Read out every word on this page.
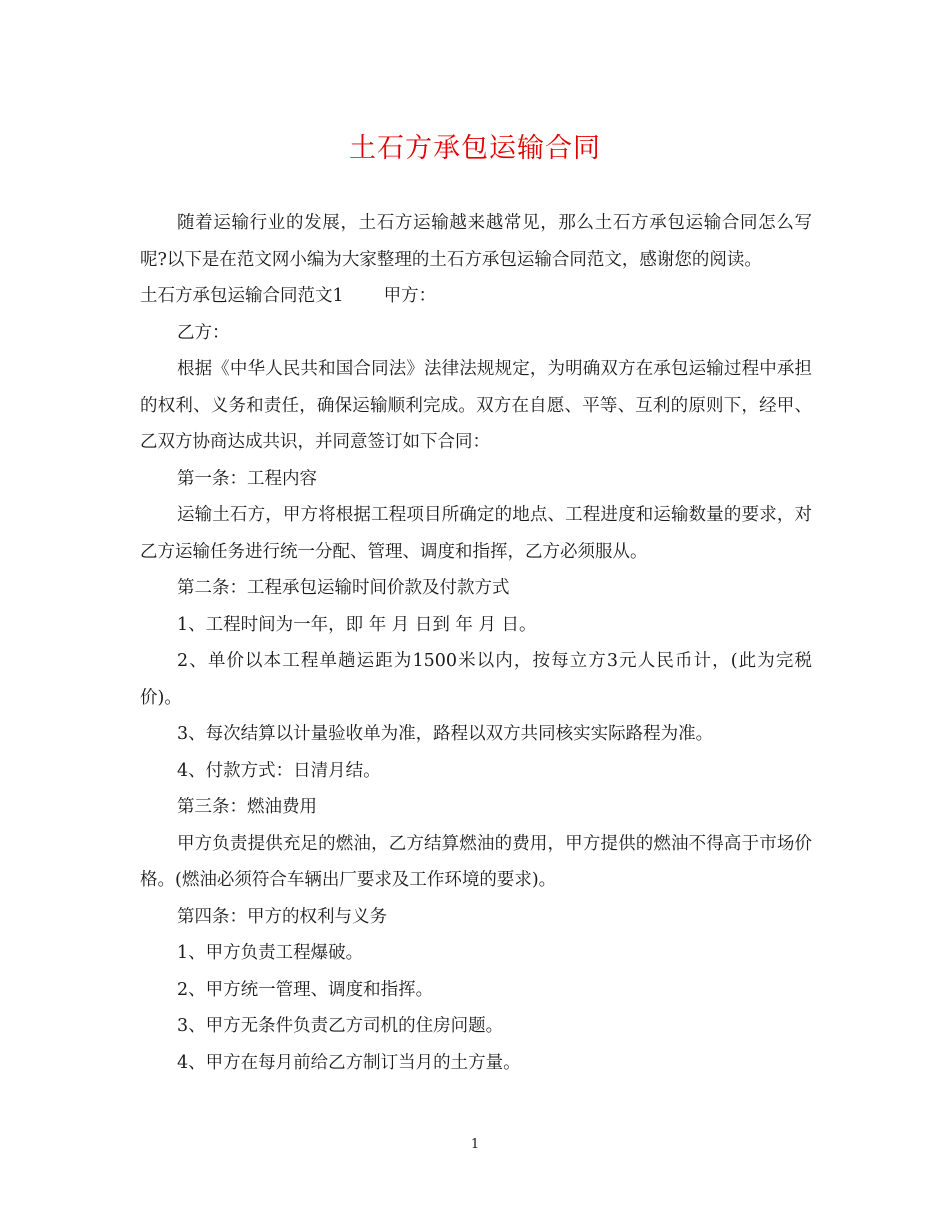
土石方承包运输合同

随着运输行业的发展，土石方运输越来越常见，那么土石方承包运输合同怎么写呢?以下是在范文网小编为大家整理的土石方承包运输合同范文，感谢您的阅读。

土石方承包运输合同范文1 甲方：

乙方：

根据《中华人民共和国合同法》法律法规规定，为明确双方在承包运输过程中承担的权利、义务和责任，确保运输顺利完成。双方在自愿、平等、互利的原则下，经甲、乙双方协商达成共识，并同意签订如下合同：

第一条：工程内容

运输土石方，甲方将根据工程项目所确定的地点、工程进度和运输数量的要求，对乙方运输任务进行统一分配、管理、调度和指挥，乙方必须服从。

第二条：工程承包运输时间价款及付款方式

1、工程时间为一年，即 年 月 日到 年 月 日。

2、单价以本工程单趟运距为1500米以内，按每立方3元人民币计，(此为完税价)。

3、每次结算以计量验收单为准，路程以双方共同核实实际路程为准。

4、付款方式：日清月结。

第三条：燃油费用

甲方负责提供充足的燃油，乙方结算燃油的费用，甲方提供的燃油不得高于市场价格。(燃油必须符合车辆出厂要求及工作环境的要求)。

第四条：甲方的权利与义务

1、甲方负责工程爆破。

2、甲方统一管理、调度和指挥。

3、甲方无条件负责乙方司机的住房问题。

4、甲方在每月前给乙方制订当月的土方量。

1
